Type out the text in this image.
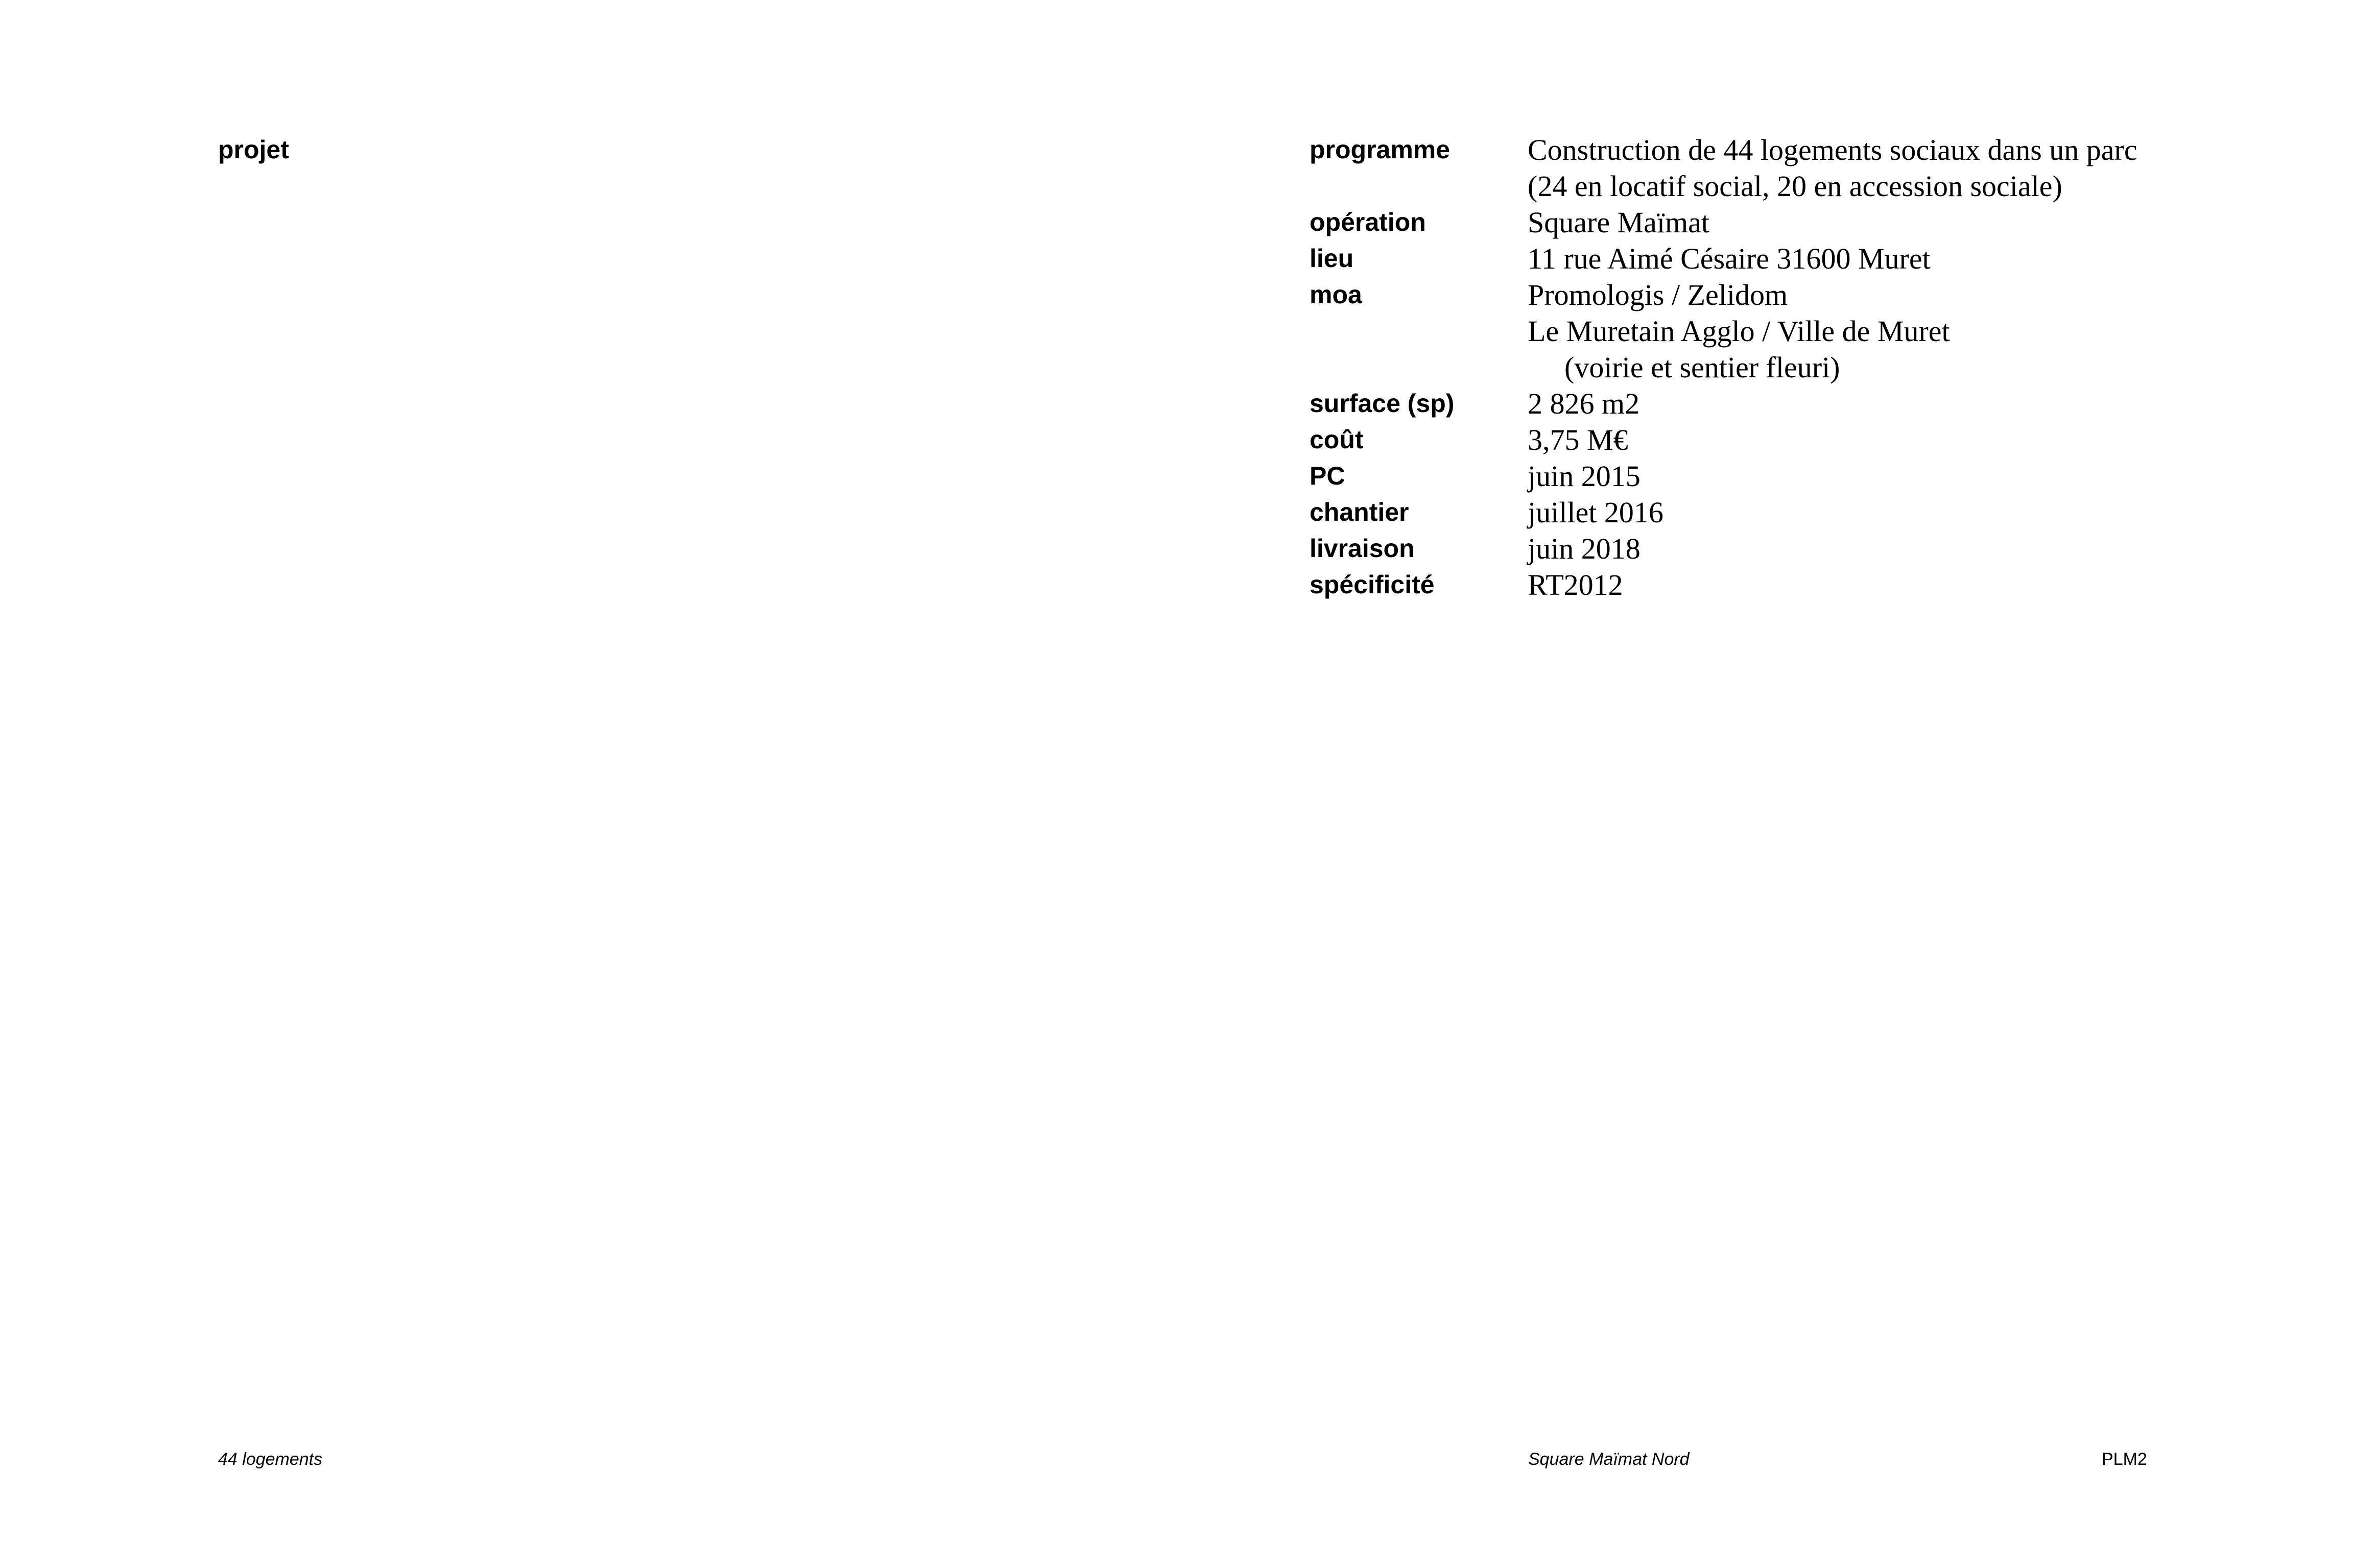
projet	programme	Construction de 44 logements sociaux dans un parc
(24 en locatif social, 20 en accession sociale)
opération	Square Maïmat
lieu	11 rue Aimé Césaire 31600 Muret
moa	Promologis / Zelidom
Le Muretain Agglo / Ville de Muret
(voirie et sentier fleuri)
surface (sp)	2 826 m2
coût	3,75 M€
PC	juin 2015
chantier	juillet 2016
livraison	juin 2018
spécificité	RT2012
44 logements	Square Maïmat Nord	PLM2
